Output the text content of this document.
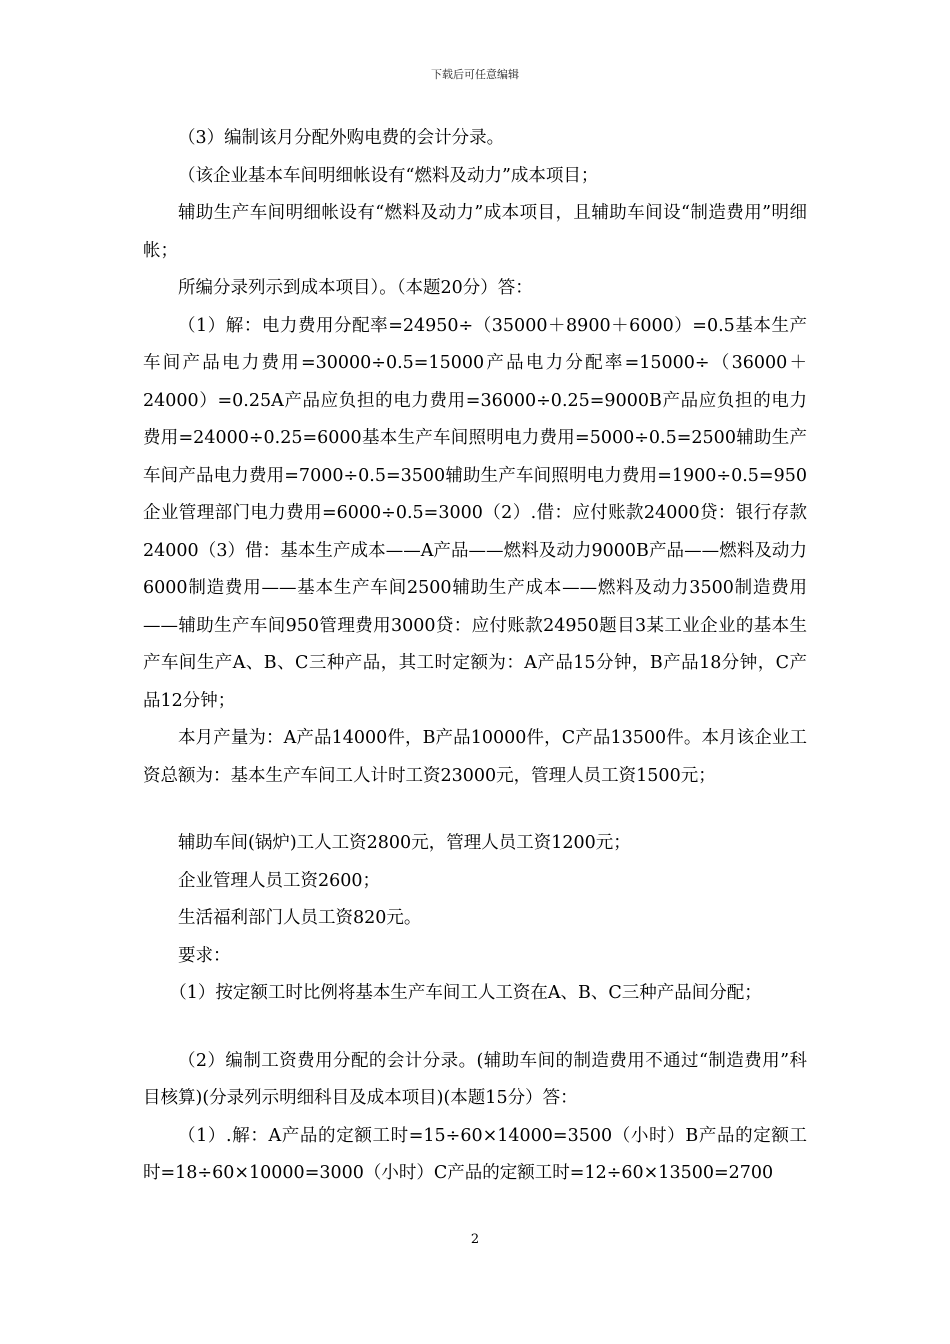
下载后可任意编辑

（3）编制该月分配外购电费的会计分录。

（该企业基本车间明细帐设有“燃料及动力”成本项目；

辅助生产车间明细帐设有“燃料及动力”成本项目，且辅助车间设“制造费用”明细帐；

所编分录列示到成本项目）。（本题20分）答：

（1）解：电力费用分配率=24950÷（35000＋8900＋6000）=0.5基本生产车间产品电力费用=30000÷0.5=15000产品电力分配率=15000÷（36000＋24000）=0.25A产品应负担的电力费用=36000÷0.25=9000B产品应负担的电力费用=24000÷0.25=6000基本生产车间照明电力费用=5000÷0.5=2500辅助生产车间产品电力费用=7000÷0.5=3500辅助生产车间照明电力费用=1900÷0.5=950企业管理部门电力费用=6000÷0.5=3000（2）.借：应付账款24000贷：银行存款24000（3）借：基本生产成本——A产品——燃料及动力9000B产品——燃料及动力6000制造费用——基本生产车间2500辅助生产成本——燃料及动力3500制造费用——辅助生产车间950管理费用3000贷：应付账款24950题目3某工业企业的基本生产车间生产A、B、C三种产品，其工时定额为：A产品15分钟，B产品18分钟，C产品12分钟；

本月产量为：A产品14000件，B产品10000件，C产品13500件。本月该企业工资总额为：基本生产车间工人计时工资23000元，管理人员工资1500元；

辅助车间(锅炉)工人工资2800元，管理人员工资1200元；

企业管理人员工资2600；

生活福利部门人员工资820元。

要求：

（1）按定额工时比例将基本生产车间工人工资在A、B、C三种产品间分配；

（2）编制工资费用分配的会计分录。(辅助车间的制造费用不通过“制造费用”科目核算)(分录列示明细科目及成本项目)(本题15分）答：

（1）.解：A产品的定额工时=15÷60×14000=3500（小时）B产品的定额工时=18÷60×10000=3000（小时）C产品的定额工时=12÷60×13500=2700

2
